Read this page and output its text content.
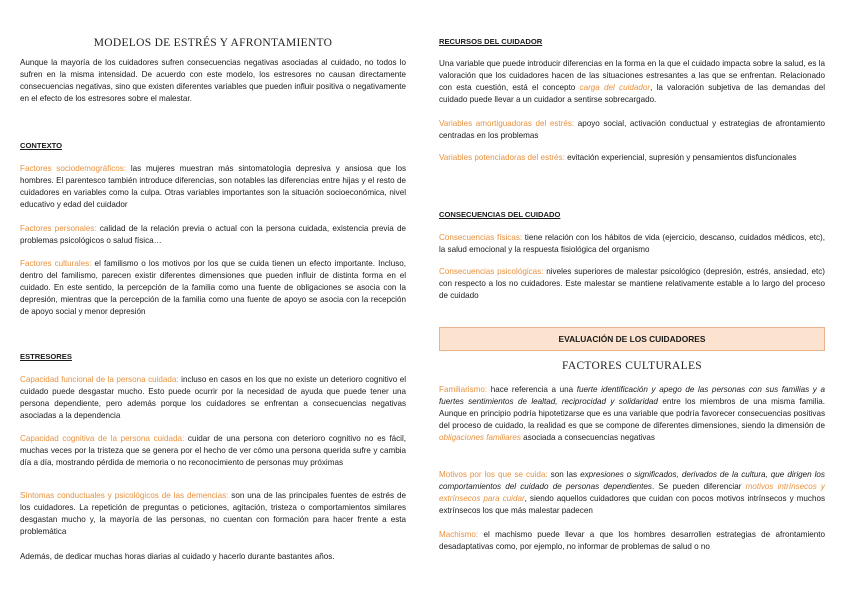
MODELOS DE ESTRÉS Y AFRONTAMIENTO

Aunque la mayoría de los cuidadores sufren consecuencias negativas asociadas al cuidado, no todos lo sufren en la misma intensidad. De acuerdo con este modelo, los estresores no causan directamente consecuencias negativas, sino que existen diferentes variables que pueden influir positiva o negativamente en el efecto de los estresores sobre el malestar.

CONTEXTO

Factores sociodemográficos: las mujeres muestran más sintomatología depresiva y ansiosa que los hombres. El parentesco también introduce diferencias, son notables las diferencias entre hijas y el resto de cuidadores en variables como la culpa. Otras variables importantes son la situación socioeconómica, nivel educativo y edad del cuidador

Factores personales: calidad de la relación previa o actual con la persona cuidada, existencia previa de problemas psicológicos o salud física…

Factores culturales: el familismo o los motivos por los que se cuida tienen un efecto importante. Incluso, dentro del familismo, parecen existir diferentes dimensiones que pueden influir de distinta forma en el cuidado. En este sentido, la percepción de la familia como una fuente de obligaciones se asocia con la depresión, mientras que la percepción de la familia como una fuente de apoyo se asocia con la recepción de apoyo social y menor depresión

ESTRESORES

Capacidad funcional de la persona cuidada: incluso en casos en los que no existe un deterioro cognitivo el cuidado puede desgastar mucho. Esto puede ocurrir por la necesidad de ayuda que puede tener una persona dependiente, pero además porque los cuidadores se enfrentan a consecuencias negativas asociadas a la dependencia

Capacidad cognitiva de la persona cuidada: cuidar de una persona con deterioro cognitivo no es fácil, muchas veces por la tristeza que se genera por el hecho de ver cómo una persona querida sufre y cambia día a día, mostrando pérdida de memoria o no reconocimiento de personas muy próximas

Síntomas conductuales y psicológicos de las demencias: son una de las principales fuentes de estrés de los cuidadores. La repetición de preguntas o peticiones, agitación, tristeza o comportamientos similares desgastan mucho y, la mayoría de las personas, no cuentan con formación para hacer frente a esta problemática

Además, de dedicar muchas horas diarias al cuidado y hacerlo durante bastantes años.

RECURSOS DEL CUIDADOR

Una variable que puede introducir diferencias en la forma en la que el cuidado impacta sobre la salud, es la valoración que los cuidadores hacen de las situaciones estresantes a las que se enfrentan. Relacionado con esta cuestión, está el concepto carga del cuidador, la valoración subjetiva de las demandas del cuidado puede llevar a un cuidador a sentirse sobrecargado.

Variables amortiguadoras del estrés: apoyo social, activación conductual y estrategias de afrontamiento centradas en los problemas

Variables potenciadoras del estrés: evitación experiencial, supresión y pensamientos disfuncionales

CONSECUENCIAS DEL CUIDADO

Consecuencias físicas: tiene relación con los hábitos de vida (ejercicio, descanso, cuidados médicos, etc), la salud emocional y la respuesta fisiológica del organismo

Consecuencias psicológicas: niveles superiores de malestar psicológico (depresión, estrés, ansiedad, etc) con respecto a los no cuidadores. Este malestar se mantiene relativamente estable a lo largo del proceso de cuidado

EVALUACIÓN DE LOS CUIDADORES
FACTORES CULTURALES

Familiarismo: hace referencia a una fuerte identificación y apego de las personas con sus familias y a fuertes sentimientos de lealtad, reciprocidad y solidaridad entre los miembros de una misma familia. Aunque en principio podría hipotetizarse que es una variable que podría favorecer consecuencias positivas del proceso de cuidado, la realidad es que se compone de diferentes dimensiones, siendo la dimensión de obligaciones familiares asociada a consecuencias negativas

Motivos por los que se cuida: son las expresiones o significados, derivados de la cultura, que dirigen los comportamientos del cuidado de personas dependientes. Se pueden diferenciar motivos intrínsecos y extrínsecos para cuidar, siendo aquellos cuidadores que cuidan con pocos motivos intrínsecos y muchos extrínsecos los que más malestar padecen

Machismo: el machismo puede llevar a que los hombres desarrollen estrategias de afrontamiento desadaptativas como, por ejemplo, no informar de problemas de salud o no
